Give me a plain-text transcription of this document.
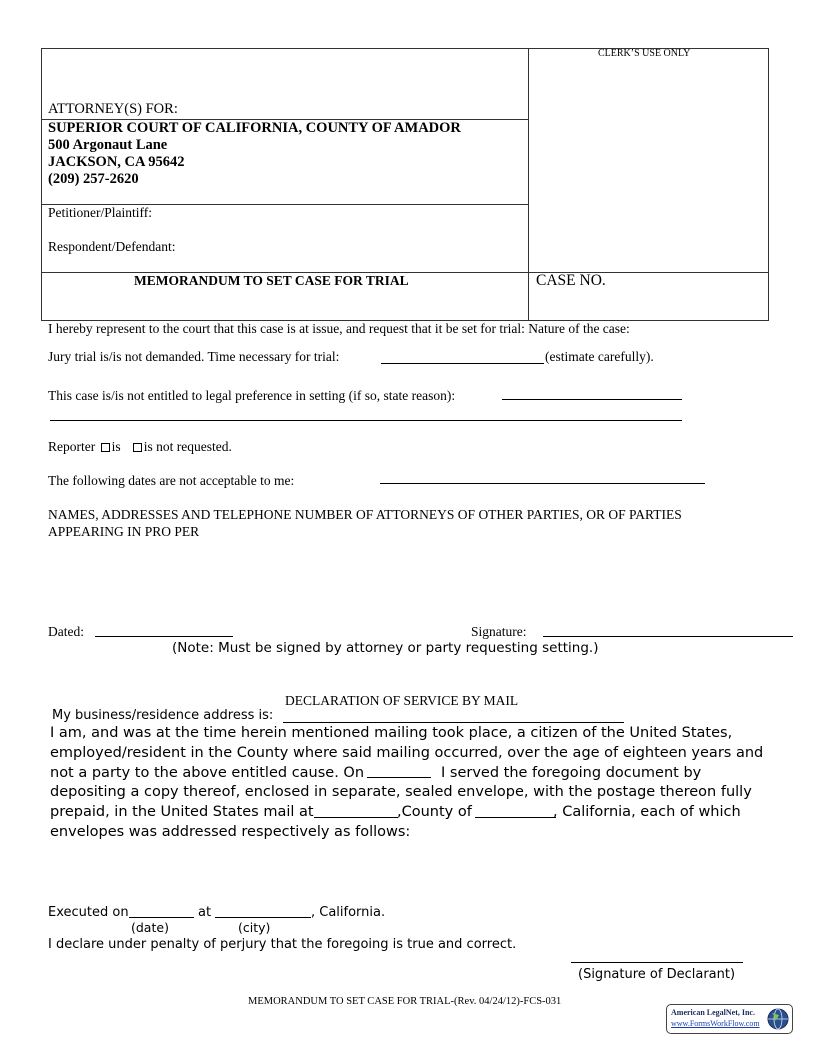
CLERK’S USE ONLY
ATTORNEY(S) FOR:
SUPERIOR COURT OF CALIFORNIA, COUNTY OF AMADOR
500 Argonaut Lane
JACKSON, CA 95642
(209) 257-2620
Petitioner/Plaintiff:
Respondent/Defendant:
MEMORANDUM TO SET CASE FOR TRIAL	CASE NO.
I hereby represent to the court that this case is at issue, and request that it be set for trial: Nature of the case:
Jury trial is/is not demanded. Time necessary for trial:	(estimate carefully).
This case is/is not entitled to legal preference in setting (if so, state reason):
Reporter is is not requested.
The following dates are not acceptable to me:
NAMES, ADDRESSES AND TELEPHONE NUMBER OF ATTORNEYS OF OTHER PARTIES, OR OF PARTIES
APPEARING IN PRO PER
Dated:	Signature:
(Note: Must be signed by attorney or party requesting setting.)
DECLARATION OF SERVICE BY MAIL
My business/residence address is:
I am, and was at the time herein mentioned mailing took place, a citizen of the United States,
employed/resident in the County where said mailing occurred, over the age of eighteen years and
not a party to the above entitled cause. On	I served the foregoing document by
depositing a copy thereof, enclosed in separate, sealed envelope, with the postage thereon fully
prepaid, in the United States mail at	,County of	, California, each of which
envelopes was addressed respectively as follows:
Executed on	at	, California.
(date)	(city)
I declare under penalty of perjury that the foregoing is true and correct.
(Signature of Declarant)
MEMORANDUM TO SET CASE FOR TRIAL-(Rev. 04/24/12)-FCS-031
American LegalNet, Inc.
www.FormsWorkFlow.com
